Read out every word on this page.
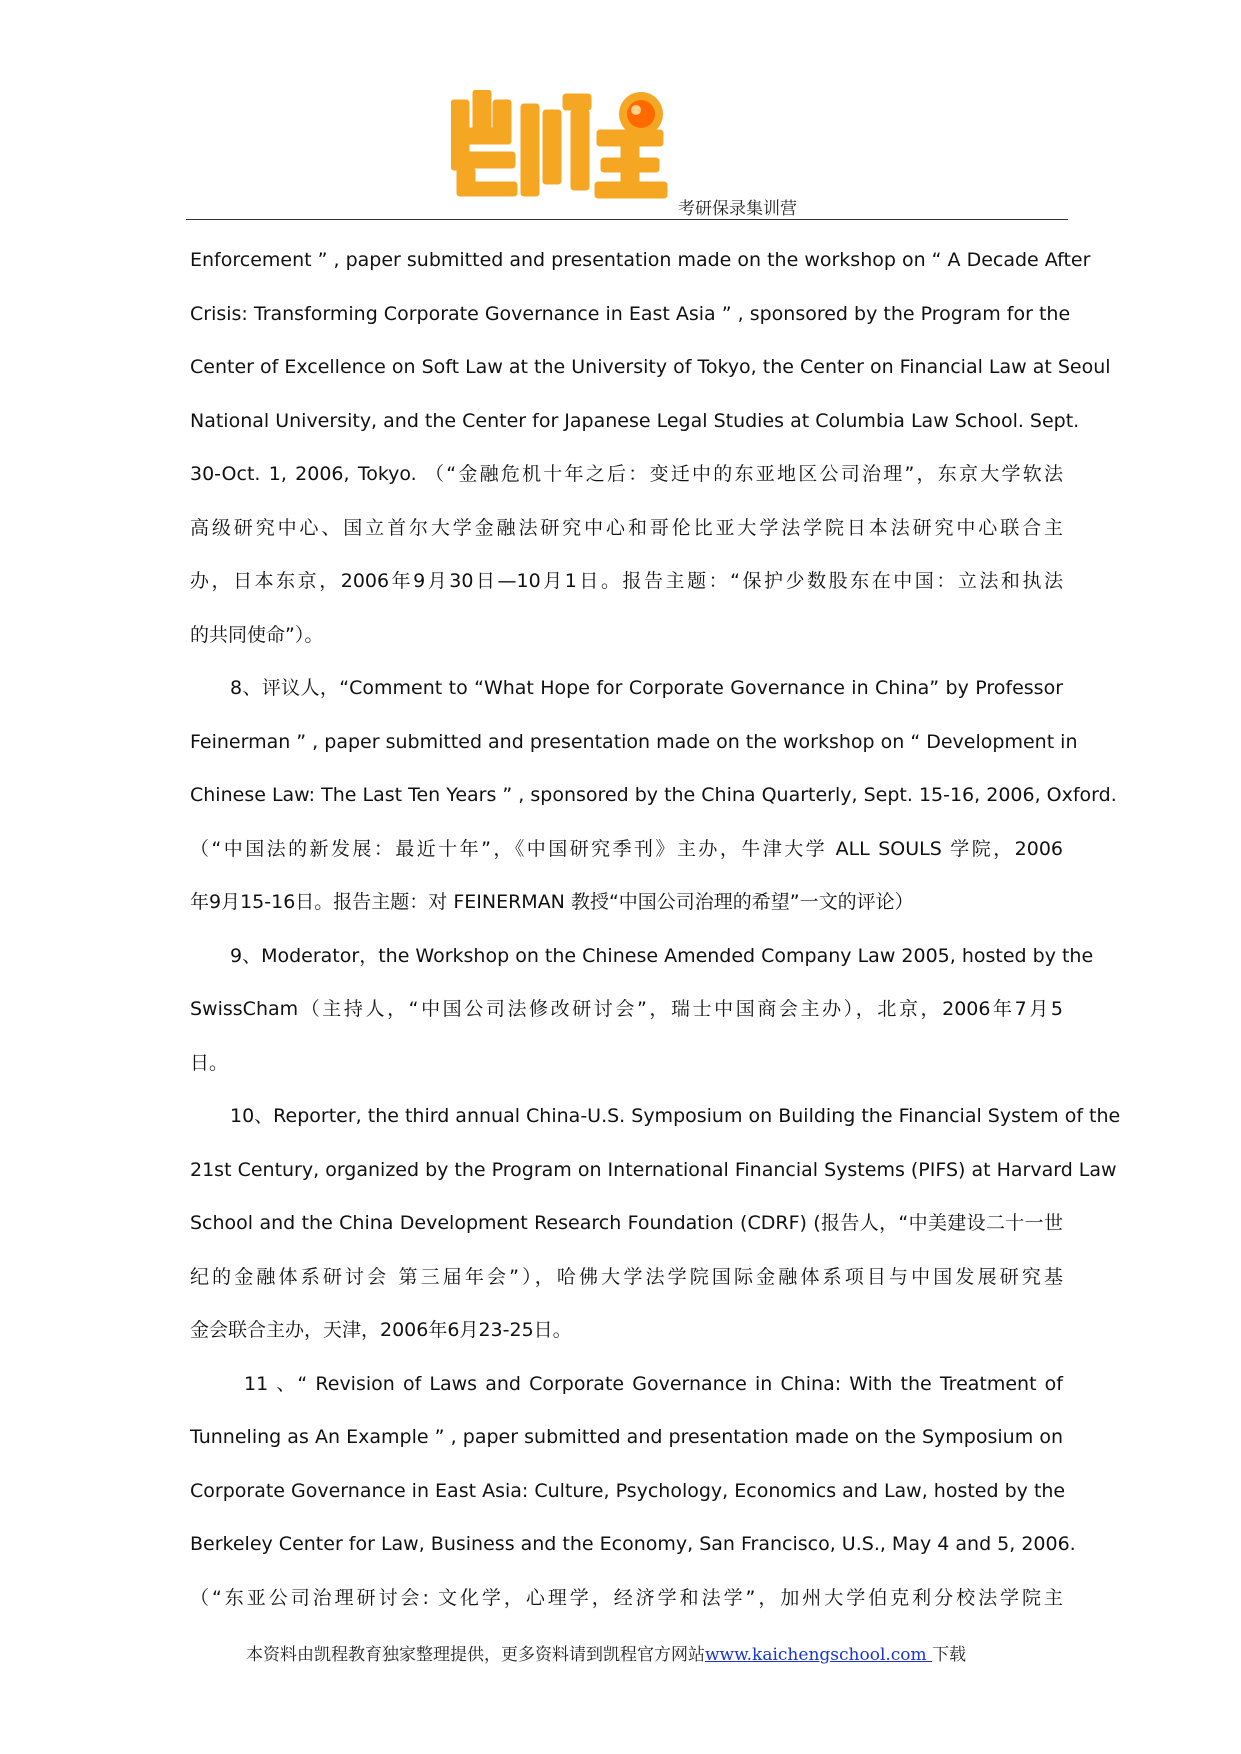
考研保录集训营
Enforcement ” , paper submitted and presentation made on the workshop on “ A Decade After
Crisis: Transforming Corporate Governance in East Asia ” , sponsored by the Program for the
Center of Excellence on Soft Law at the University of Tokyo, the Center on Financial Law at Seoul
National University, and the Center for Japanese Legal Studies at Columbia Law School. Sept.
30-Oct. 1, 2006, Tokyo. （“金融危机十年之后：变迁中的东亚地区公司治理”，东京大学软法
高级研究中心、国立首尔大学金融法研究中心和哥伦比亚大学法学院日本法研究中心联合主
办，日本东京，2006年9月30日—10月1日。报告主题：“保护少数股东在中国：立法和执法
的共同使命”）。
8、评议人，“Comment to “What Hope for Corporate Governance in China” by Professor
Feinerman ” , paper submitted and presentation made on the workshop on “ Development in
Chinese Law: The Last Ten Years ” , sponsored by the China Quarterly, Sept. 15-16, 2006, Oxford.
（“中国法的新发展：最近十年”，《中国研究季刊》主办，牛津大学 ALL SOULS 学院，2006
年9月15-16日。报告主题：对 FEINERMAN 教授“中国公司治理的希望”一文的评论）
9、Moderator，the Workshop on the Chinese Amended Company Law 2005, hosted by the
SwissCham（主持人，“中国公司法修改研讨会”，瑞士中国商会主办），北京，2006年7月5
日。
10、Reporter, the third annual China-U.S. Symposium on Building the Financial System of the
21st Century, organized by the Program on International Financial Systems (PIFS) at Harvard Law
School and the China Development Research Foundation (CDRF) (报告人，“中美建设二十一世
纪的金融体系研讨会 第三届年会”），哈佛大学法学院国际金融体系项目与中国发展研究基
金会联合主办，天津，2006年6月23-25日。
11 、“ Revision of Laws and Corporate Governance in China: With the Treatment of
Tunneling as An Example ” , paper submitted and presentation made on the Symposium on
Corporate Governance in East Asia: Culture, Psychology, Economics and Law, hosted by the
Berkeley Center for Law, Business and the Economy, San Francisco, U.S., May 4 and 5, 2006.
（“东亚公司治理研讨会: 文化学，心理学，经济学和法学”，加州大学伯克利分校法学院主
本资料由凯程教育独家整理提供，更多资料请到凯程官方网站www.kaichengschool.com 下载
